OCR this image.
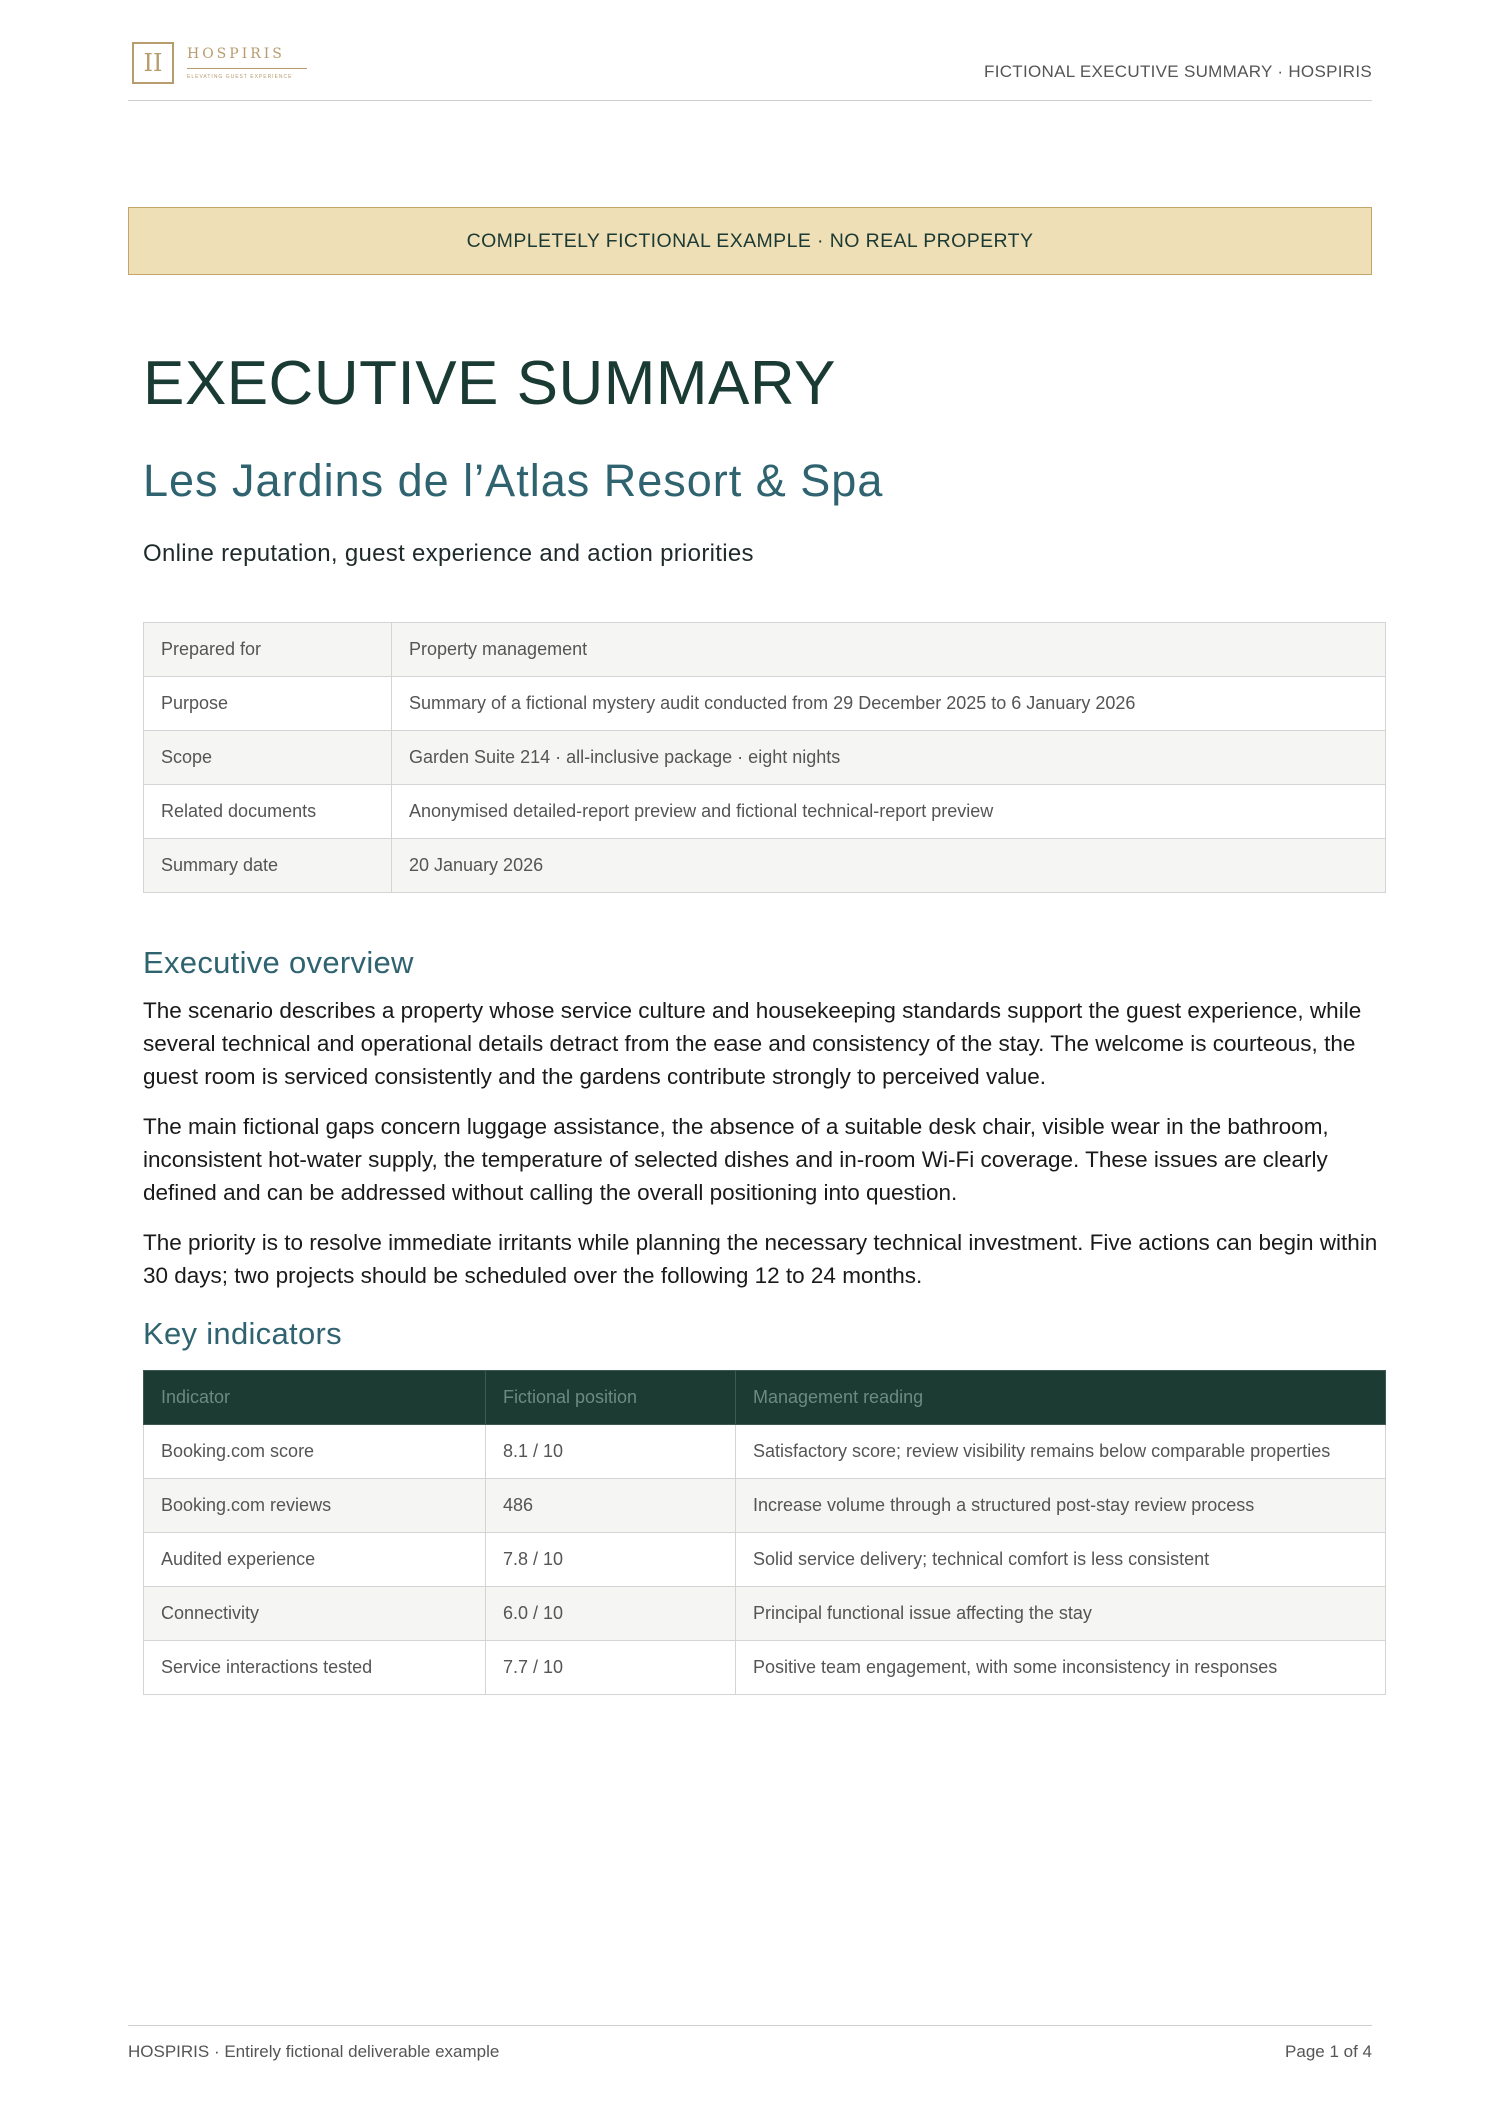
II	HOSPIRIS
ELEVATING GUEST EXPERIENCE	FICTIONAL EXECUTIVE SUMMARY · HOSPIRIS
COMPLETELY FICTIONAL EXAMPLE · NO REAL PROPERTY
EXECUTIVE SUMMARY
Les Jardins de l’Atlas Resort & Spa

Online reputation, guest experience and action priorities

Prepared for	Property management
Purpose	Summary of a fictional mystery audit conducted from 29 December 2025 to 6 January 2026
Scope	Garden Suite 214 · all-inclusive package · eight nights
Related documents	Anonymised detailed-report preview and fictional technical-report preview
Summary date	20 January 2026
Executive overview

The scenario describes a property whose service culture and housekeeping standards support the guest experience, while several technical and operational details detract from the ease and consistency of the stay. The welcome is courteous, the guest room is serviced consistently and the gardens contribute strongly to perceived value.

The main fictional gaps concern luggage assistance, the absence of a suitable desk chair, visible wear in the bathroom, inconsistent hot-water supply, the temperature of selected dishes and in-room Wi-Fi coverage. These issues are clearly defined and can be addressed without calling the overall positioning into question.

The priority is to resolve immediate irritants while planning the necessary technical investment. Five actions can begin within 30 days; two projects should be scheduled over the following 12 to 24 months.

Key indicators
Indicator	Fictional position	Management reading
Booking.com score	8.1 / 10	Satisfactory score; review visibility remains below comparable properties
Booking.com reviews	486	Increase volume through a structured post-stay review process
Audited experience	7.8 / 10	Solid service delivery; technical comfort is less consistent
Connectivity	6.0 / 10	Principal functional issue affecting the stay
Service interactions tested	7.7 / 10	Positive team engagement, with some inconsistency in responses
HOSPIRIS · Entirely fictional deliverable example	Page 1 of 4
